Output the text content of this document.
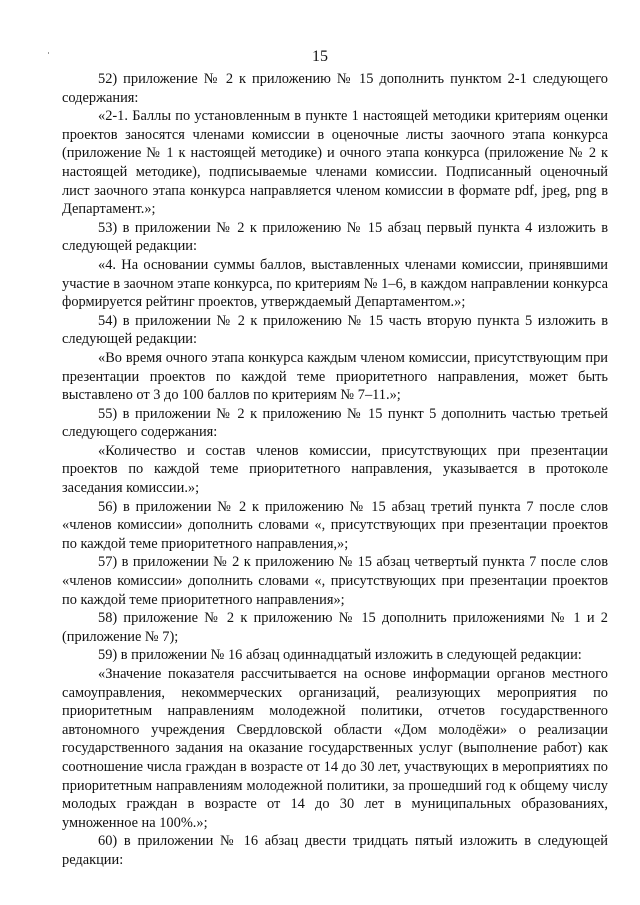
15

52) приложение № 2 к приложению № 15 дополнить пунктом 2-1 следующего содержания:

«2-1. Баллы по установленным в пункте 1 настоящей методики критериям оценки проектов заносятся членами комиссии в оценочные листы заочного этапа конкурса (приложение № 1 к настоящей методике) и очного этапа конкурса (приложение № 2 к настоящей методике), подписываемые членами комиссии. Подписанный оценочный лист заочного этапа конкурса направляется членом комиссии в формате pdf, jpeg, png в Департамент.»;

53) в приложении № 2 к приложению № 15 абзац первый пункта 4 изложить в следующей редакции:

«4. На основании суммы баллов, выставленных членами комиссии, принявшими участие в заочном этапе конкурса, по критериям № 1–6, в каждом направлении конкурса формируется рейтинг проектов, утверждаемый Департаментом.»;

54) в приложении № 2 к приложению № 15 часть вторую пункта 5 изложить в следующей редакции:

«Во время очного этапа конкурса каждым членом комиссии, присутствующим при презентации проектов по каждой теме приоритетного направления, может быть выставлено от 3 до 100 баллов по критериям № 7–11.»;

55) в приложении № 2 к приложению № 15 пункт 5 дополнить частью третьей следующего содержания:

«Количество и состав членов комиссии, присутствующих при презентации проектов по каждой теме приоритетного направления, указывается в протоколе заседания комиссии.»;

56) в приложении № 2 к приложению № 15 абзац третий пункта 7 после слов «членов комиссии» дополнить словами «, присутствующих при презентации проектов по каждой теме приоритетного направления,»;

57) в приложении № 2 к приложению № 15 абзац четвертый пункта 7 после слов «членов комиссии» дополнить словами «, присутствующих при презентации проектов по каждой теме приоритетного направления»;

58) приложение № 2 к приложению № 15 дополнить приложениями № 1 и 2 (приложение № 7);

59) в приложении № 16 абзац одиннадцатый изложить в следующей редакции:

«Значение показателя рассчитывается на основе информации органов местного самоуправления, некоммерческих организаций, реализующих мероприятия по приоритетным направлениям молодежной политики, отчетов государственного автономного учреждения Свердловской области «Дом молодёжи» о реализации государственного задания на оказание государственных услуг (выполнение работ) как соотношение числа граждан в возрасте от 14 до 30 лет, участвующих в мероприятиях по приоритетным направлениям молодежной политики, за прошедший год к общему числу молодых граждан в возрасте от 14 до 30 лет в муниципальных образованиях, умноженное на 100%.»;

60) в приложении № 16 абзац двести тридцать пятый изложить в следующей редакции:
